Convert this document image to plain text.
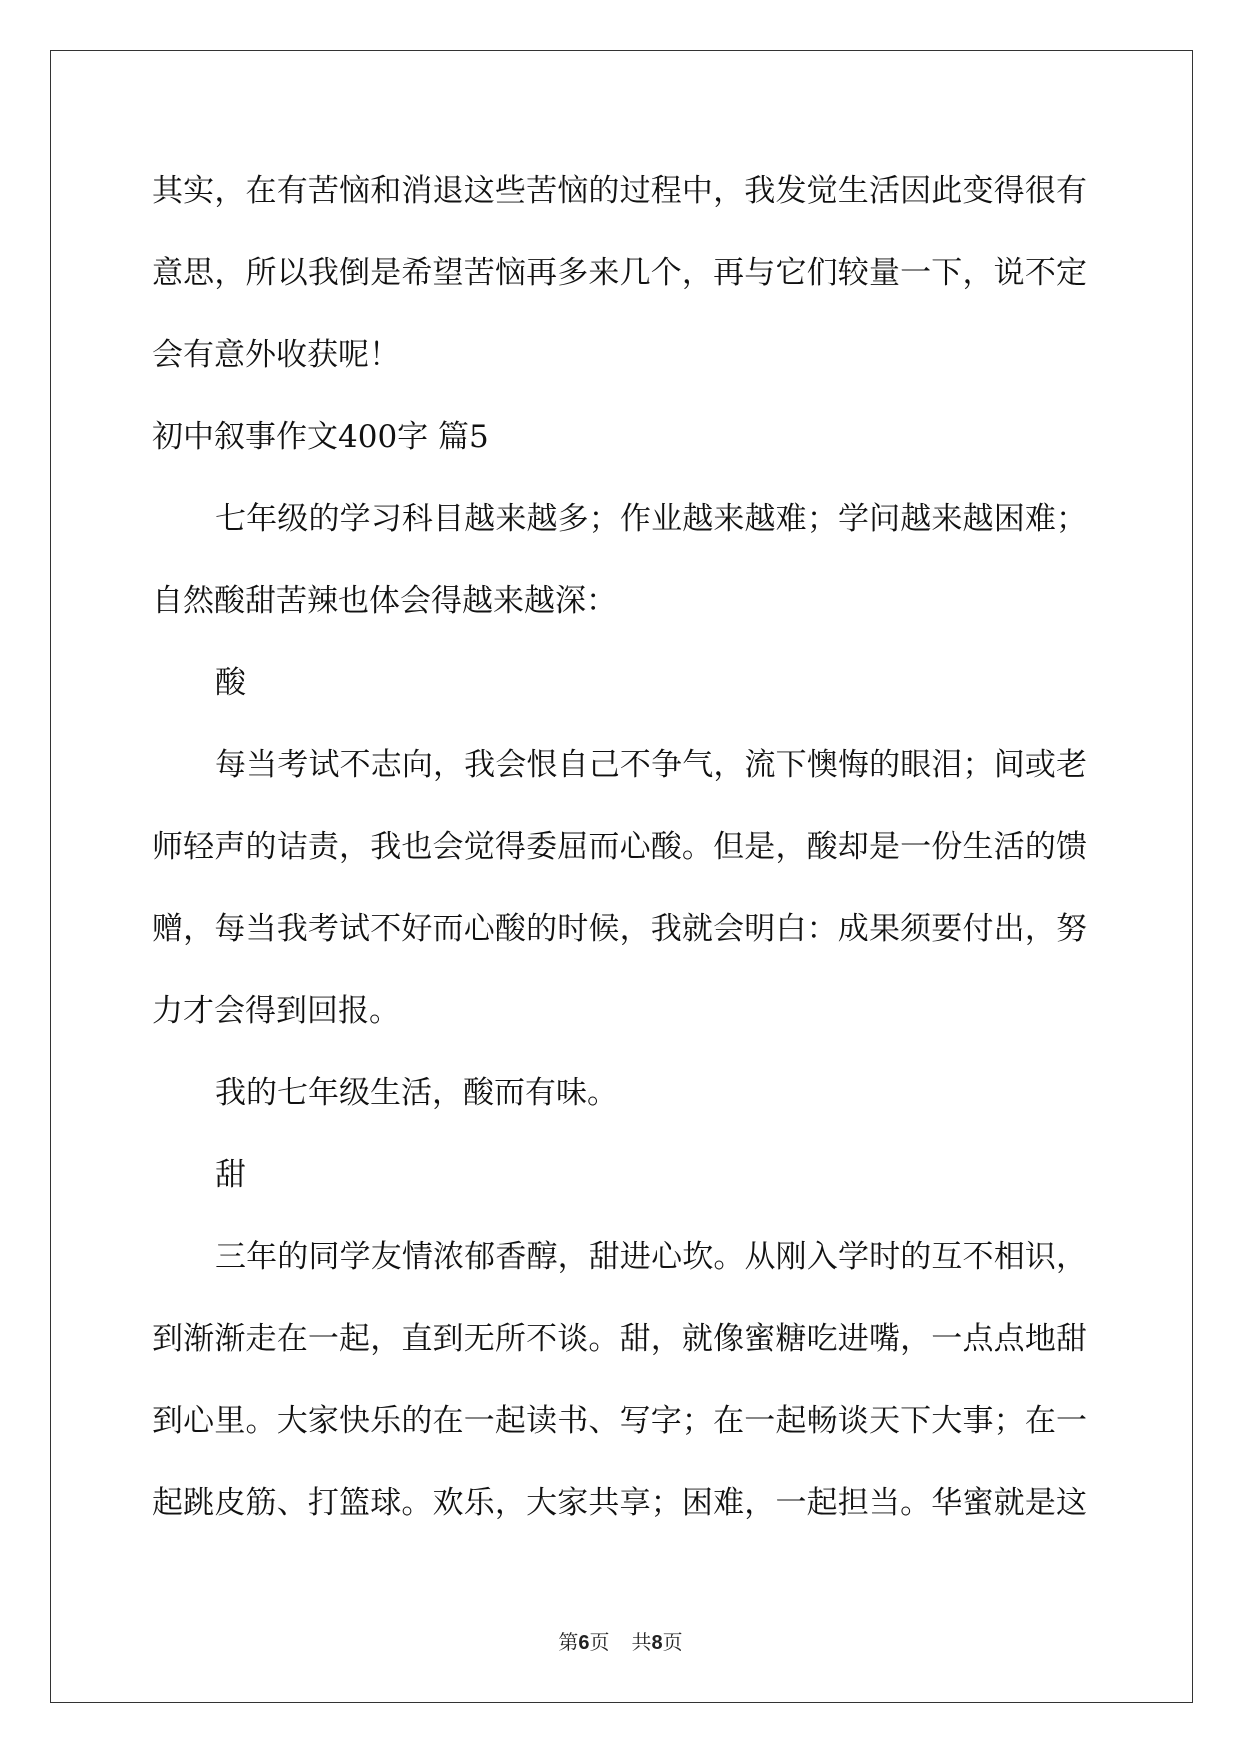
其实，在有苦恼和消退这些苦恼的过程中，我发觉生活因此变得很有
意思，所以我倒是希望苦恼再多来几个，再与它们较量一下，说不定
会有意外收获呢！
初中叙事作文400字 篇5
七年级的学习科目越来越多；作业越来越难；学问越来越困难；
自然酸甜苦辣也体会得越来越深：
酸
每当考试不志向，我会恨自己不争气，流下懊悔的眼泪；间或老
师轻声的诘责，我也会觉得委屈而心酸。但是，酸却是一份生活的馈
赠，每当我考试不好而心酸的时候，我就会明白：成果须要付出，努
力才会得到回报。
我的七年级生活，酸而有味。
甜
三年的同学友情浓郁香醇，甜进心坎。从刚入学时的互不相识，
到渐渐走在一起，直到无所不谈。甜，就像蜜糖吃进嘴，一点点地甜
到心里。大家快乐的在一起读书、写字；在一起畅谈天下大事；在一
起跳皮筋、打篮球。欢乐，大家共享；困难，一起担当。华蜜就是这
第6页 共8页
